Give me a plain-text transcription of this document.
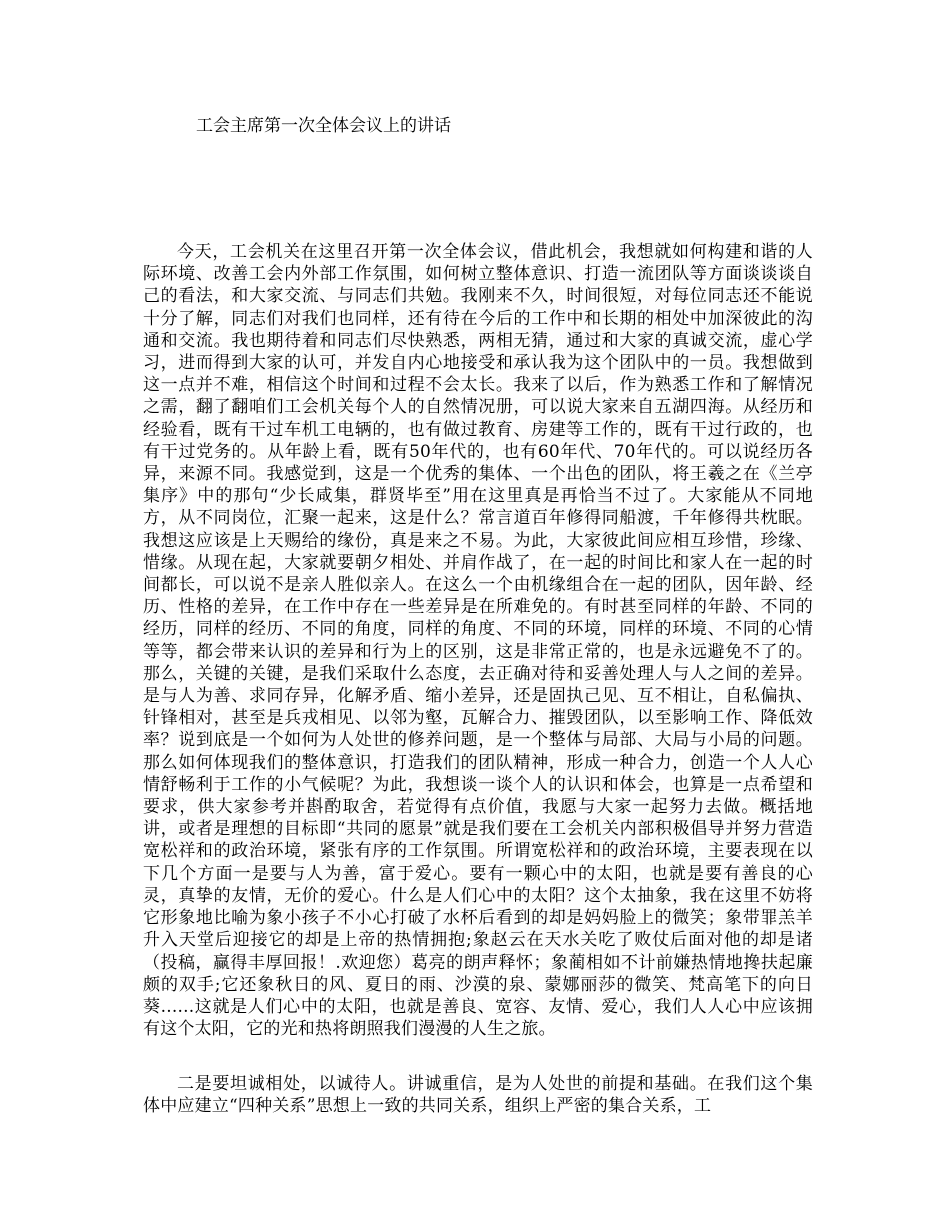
工会主席第一次全体会议上的讲话

今天，工会机关在这里召开第一次全体会议，借此机会，我想就如何构建和谐的人际环境、改善工会内外部工作氛围，如何树立整体意识、打造一流团队等方面谈谈谈自己的看法，和大家交流、与同志们共勉。我刚来不久，时间很短，对每位同志还不能说十分了解，同志们对我们也同样，还有待在今后的工作中和长期的相处中加深彼此的沟通和交流。我也期待着和同志们尽快熟悉，两相无猜，通过和大家的真诚交流，虚心学习，进而得到大家的认可，并发自内心地接受和承认我为这个团队中的一员。我想做到这一点并不难，相信这个时间和过程不会太长。我来了以后，作为熟悉工作和了解情况之需，翻了翻咱们工会机关每个人的自然情况册，可以说大家来自五湖四海。从经历和经验看，既有干过车机工电辆的，也有做过教育、房建等工作的，既有干过行政的，也有干过党务的。从年龄上看，既有50年代的，也有60年代、70年代的。可以说经历各异，来源不同。我感觉到，这是一个优秀的集体、一个出色的团队，将王羲之在《兰亭集序》中的那句“少长咸集，群贤毕至”用在这里真是再恰当不过了。大家能从不同地方，从不同岗位，汇聚一起来，这是什么？常言道百年修得同船渡，千年修得共枕眠。我想这应该是上天赐给的缘份，真是来之不易。为此，大家彼此间应相互珍惜，珍缘、惜缘。从现在起，大家就要朝夕相处、并肩作战了，在一起的时间比和家人在一起的时间都长，可以说不是亲人胜似亲人。在这么一个由机缘组合在一起的团队，因年龄、经历、性格的差异，在工作中存在一些差异是在所难免的。有时甚至同样的年龄、不同的经历，同样的经历、不同的角度，同样的角度、不同的环境，同样的环境、不同的心情等等，都会带来认识的差异和行为上的区别，这是非常正常的，也是永远避免不了的。那么，关键的关键，是我们采取什么态度，去正确对待和妥善处理人与人之间的差异。是与人为善、求同存异，化解矛盾、缩小差异，还是固执己见、互不相让，自私偏执、针锋相对，甚至是兵戎相见、以邻为壑，瓦解合力、摧毁团队，以至影响工作、降低效率？说到底是一个如何为人处世的修养问题，是一个整体与局部、大局与小局的问题。那么如何体现我们的整体意识，打造我们的团队精神，形成一种合力，创造一个人人心情舒畅利于工作的小气候呢？为此，我想谈一谈个人的认识和体会，也算是一点希望和要求，供大家参考并斟酌取舍，若觉得有点价值，我愿与大家一起努力去做。概括地讲，或者是理想的目标即“共同的愿景”就是我们要在工会机关内部积极倡导并努力营造宽松祥和的政治环境，紧张有序的工作氛围。所谓宽松祥和的政治环境，主要表现在以下几个方面一是要与人为善，富于爱心。要有一颗心中的太阳，也就是要有善良的心灵，真挚的友情，无价的爱心。什么是人们心中的太阳？这个太抽象，我在这里不妨将它形象地比喻为象小孩子不小心打破了水杯后看到的却是妈妈脸上的微笑；象带罪羔羊升入天堂后迎接它的却是上帝的热情拥抱;象赵云在天水关吃了败仗后面对他的却是诸（投稿，赢得丰厚回报！.欢迎您）葛亮的朗声释怀；象蔺相如不计前嫌热情地搀扶起廉颇的双手;它还象秋日的风、夏日的雨、沙漠的泉、蒙娜丽莎的微笑、梵高笔下的向日葵......这就是人们心中的太阳，也就是善良、宽容、友情、爱心，我们人人心中应该拥有这个太阳，它的光和热将朗照我们漫漫的人生之旅。

二是要坦诚相处，以诚待人。讲诚重信，是为人处世的前提和基础。在我们这个集体中应建立“四种关系”思想上一致的共同关系，组织上严密的集合关系，工
